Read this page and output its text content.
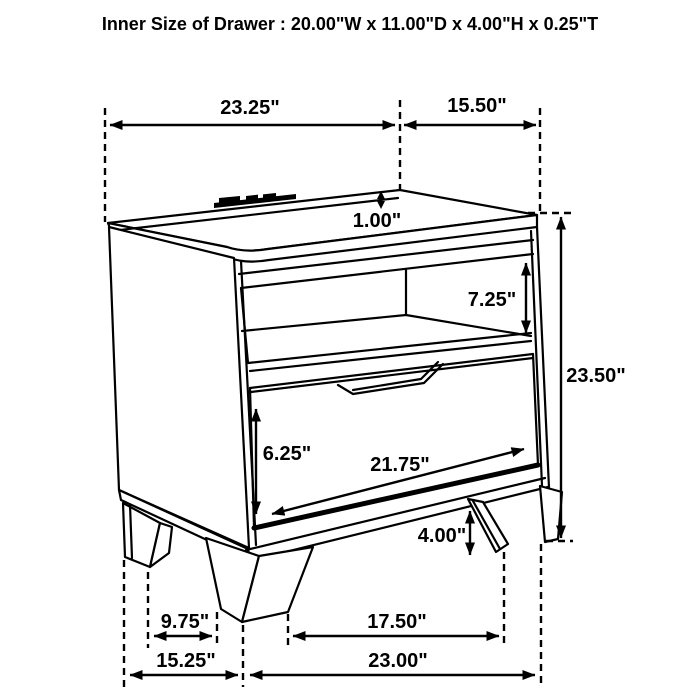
Inner Size of Drawer : 20.00"W x 11.00"D x 4.00"H x 0.25"T
23.25"	15.50"
1.00"
7.25"
23.50"
6.25"	21.75"
4.00"
9.75"	17.50"
15.25"	23.00"
